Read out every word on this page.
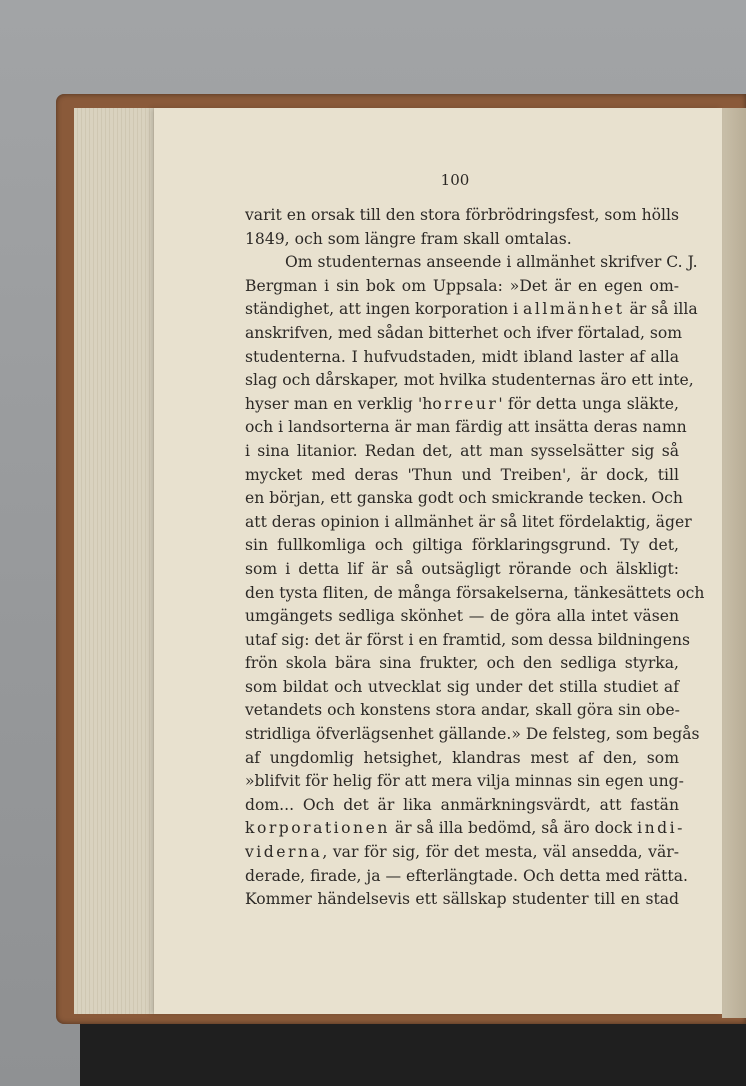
100
varit en orsak till den stora förbrödringsfest, som hölls
1849, och som längre fram skall omtalas.
Om studenternas anseende i allmänhet skrifver C. J.
Bergman i sin bok om Uppsala: »Det är en egen om-
ständighet, att ingen korporation i allmänhet är så illa
anskrifven, med sådan bitterhet och ifver förtalad, som
studenterna. I hufvudstaden, midt ibland laster af alla
slag och dårskaper, mot hvilka studenternas äro ett inte,
hyser man en verklig 'horreur' för detta unga släkte,
och i landsorterna är man färdig att insätta deras namn
i sina litanior. Redan det, att man sysselsätter sig så
mycket med deras 'Thun und Treiben', är dock, till
en början, ett ganska godt och smickrande tecken. Och
att deras opinion i allmänhet är så litet fördelaktig, äger
sin fullkomliga och giltiga förklaringsgrund. Ty det,
som i detta lif är så outsägligt rörande och älskligt:
den tysta fliten, de många försakelserna, tänkesättets och
umgängets sedliga skönhet — de göra alla intet väsen
utaf sig: det är först i en framtid, som dessa bildningens
frön skola bära sina frukter, och den sedliga styrka,
som bildat och utvecklat sig under det stilla studiet af
vetandets och konstens stora andar, skall göra sin obe-
stridliga öfverlägsenhet gällande.» De felsteg, som begås
af ungdomlig hetsighet, klandras mest af den, som
»blifvit för helig för att mera vilja minnas sin egen ung-
dom... Och det är lika anmärkningsvärdt, att fastän
korporationen är så illa bedömd, så äro dock indi-
viderna, var för sig, för det mesta, väl ansedda, vär-
derade, firade, ja — efterlängtade. Och detta med rätta.
Kommer händelsevis ett sällskap studenter till en stad
